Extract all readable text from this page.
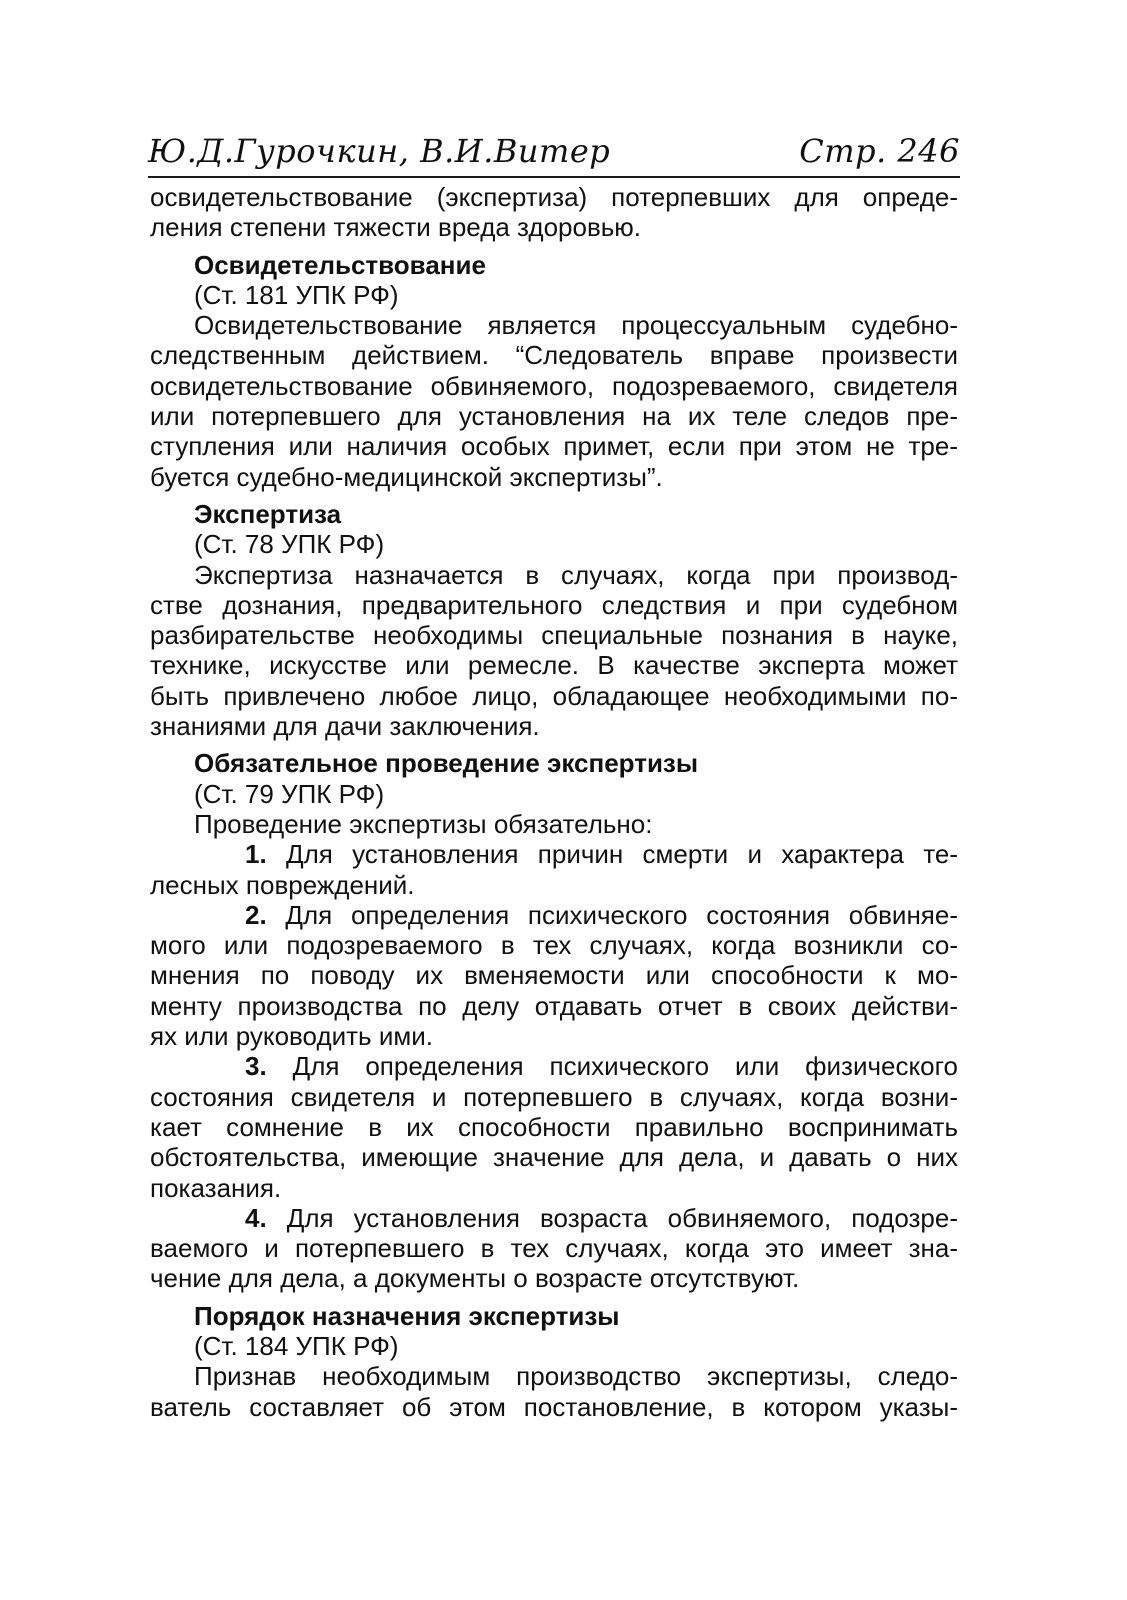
Ю.Д.Гурочкин, В.И.Витер	Стр. 246
освидетельствование (экспертиза) потерпевших для опреде-
ления степени тяжести вреда здоровью.
Освидетельствование
(Ст. 181 УПК РФ)
Освидетельствование является процессуальным судебно-
следственным действием. “Следователь вправе произвести
освидетельствование обвиняемого, подозреваемого, свидетеля
или потерпевшего для установления на их теле следов пре-
ступления или наличия особых примет, если при этом не тре-
буется судебно-медицинской экспертизы”.
Экспертиза
(Ст. 78 УПК РФ)
Экспертиза назначается в случаях, когда при производ-
стве дознания, предварительного следствия и при судебном
разбирательстве необходимы специальные познания в науке,
технике, искусстве или ремесле. В качестве эксперта может
быть привлечено любое лицо, обладающее необходимыми по-
знаниями для дачи заключения.
Обязательное проведение экспертизы
(Ст. 79 УПК РФ)
Проведение экспертизы обязательно:
1. Для установления причин смерти и характера те-
лесных повреждений.
2. Для определения психического состояния обвиняе-
мого или подозреваемого в тех случаях, когда возникли со-
мнения по поводу их вменяемости или способности к мо-
менту производства по делу отдавать отчет в своих действи-
ях или руководить ими.
3. Для определения психического или физического
состояния свидетеля и потерпевшего в случаях, когда возни-
кает сомнение в их способности правильно воспринимать
обстоятельства, имеющие значение для дела, и давать о них
показания.
4. Для установления возраста обвиняемого, подозре-
ваемого и потерпевшего в тех случаях, когда это имеет зна-
чение для дела, а документы о возрасте отсутствуют.
Порядок назначения экспертизы
(Ст. 184 УПК РФ)
Признав необходимым производство экспертизы, следо-
ватель составляет об этом постановление, в котором указы-
